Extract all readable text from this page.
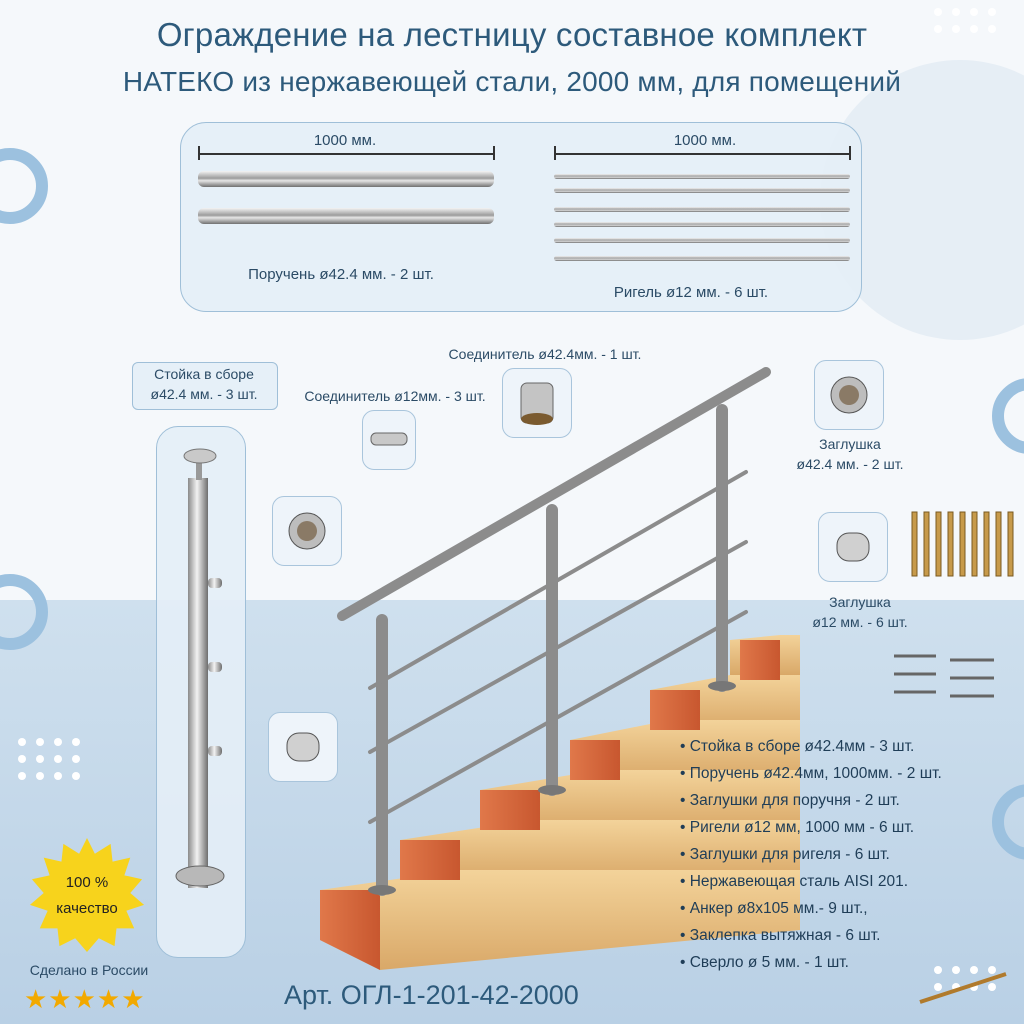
Ограждение на лестницу составное комплект
НАТЕКО из нержавеющей стали, 2000 мм, для помещений
1000 мм.
Поручень ø42.4 мм. - 2 шт.
1000 мм.
Ригель ø12 мм. - 6 шт.
Стойка в сборе
ø42.4 мм. - 3 шт.	Соединитель ø12мм. - 3 шт.
Соединитель ø42.4мм. - 1 шт.
Заглушка
ø42.4 мм. - 2 шт.
Заглушка
ø12 мм. - 6 шт.
• Стойка в сборе ø42.4мм - 3 шт.
• Поручень ø42.4мм, 1000мм. - 2 шт.
• Заглушки для поручня - 2 шт.
• Ригели ø12 мм, 1000 мм - 6 шт.
• Заглушки для ригеля - 6 шт.
• Нержавеющая сталь AISI 201.
• Анкер ø8х105 мм.- 9 шт.,
• Заклепка вытяжная - 6 шт.
• Сверло ø 5 мм. - 1 шт.
100 %
качество
Сделано в России
★★★★★	Арт. ОГЛ-1-201-42-2000
